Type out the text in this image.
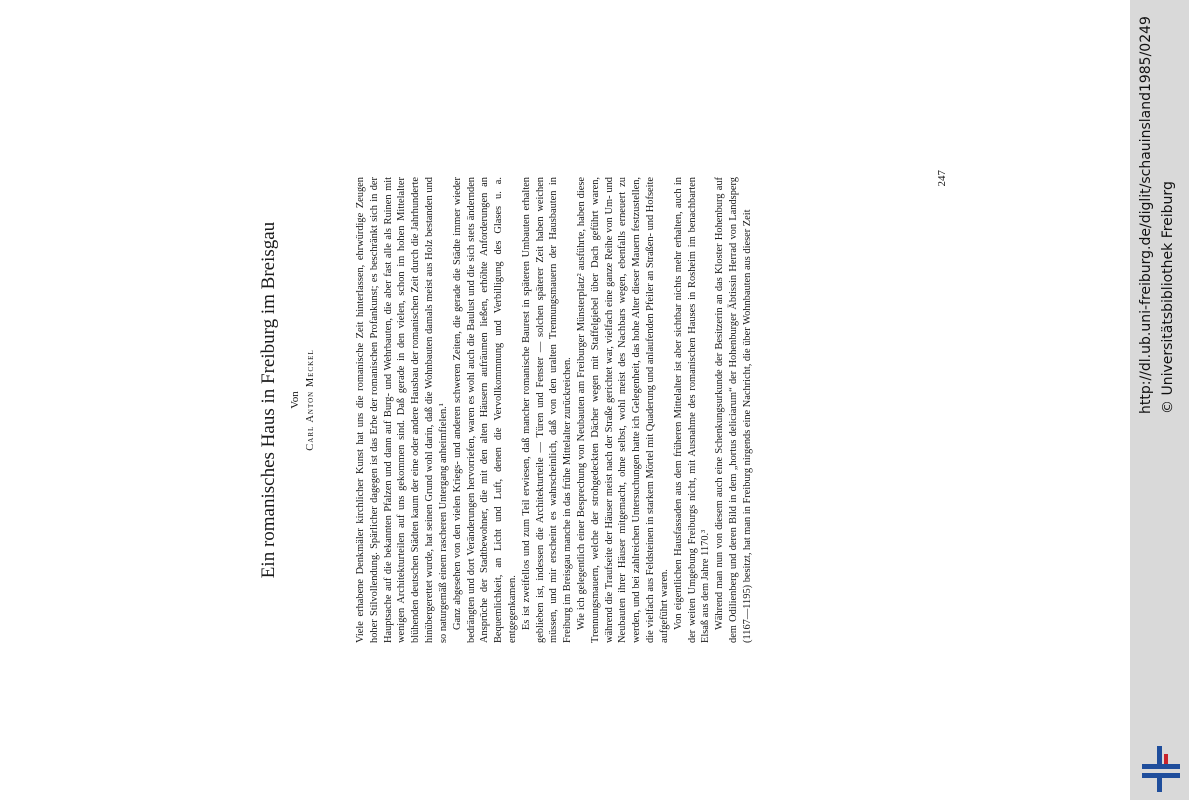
Ein romanisches Haus in Freiburg im Breisgau Von Carl Anton Meckel	Viele erhabene Denkmäler kirchlicher Kunst hat uns die romanische Zeit hinterlassen, ehrwürdige Zeugen hoher Stilvollendung. Spärlicher dagegen ist das Erbe der romanischen Profankunst; es beschränkt sich in der Hauptsache auf die bekannten Pfalzen und dann auf Burg- und Wehrbauten, die aber fast alle als Ruinen mit wenigen Architekturteilen auf uns gekommen sind. Daß gerade in den vielen, schon im hohen Mittelalter blühenden deutschen Städten kaum der eine oder andere Hausbau der romanischen Zeit durch die Jahrhunderte hinübergerettet wurde, hat seinen Grund wohl darin, daß die Wohnbauten damals meist aus Holz bestanden und so naturgemäß einem rascheren Untergang anheimfielen.¹ Ganz abgesehen von den vielen Kriegs- und anderen schweren Zeiten, die gerade die Städte immer wieder bedrängten und dort Veränderungen hervorriefen, waren es wohl auch die Baulust und die sich stets ändernden Ansprüche der Stadtbewohner, die mit den alten Häusern aufräumen ließen, erhöhte Anforderungen an Bequemlichkeit, an Licht und Luft, denen die Vervollkommnung und Verbilligung des Glases u. a. entgegenkamen. Es ist zweifellos und zum Teil erwiesen, daß mancher romanische Baurest in späteren Umbauten erhalten geblieben ist, indessen die Architekturteile — Türen und Fenster — solchen späterer Zeit haben weichen müssen, und mir erscheint es wahrscheinlich, daß von den uralten Trennungsmauern der Hausbauten in Freiburg im Breisgau manche in das frühe Mittelalter zurückreichen. Wie ich gelegentlich einer Besprechung von Neubauten am Freiburger Münsterplatz² ausführte, haben diese Trennungsmauern, welche der strohgedeckten Dächer wegen mit Staffelgiebel über Dach geführt waren, während die Traufseite der Häuser meist nach der Straße gerichtet war, vielfach eine ganze Reihe von Um- und Neubauten ihrer Häuser mitgemacht, ohne selbst, wohl meist des Nachbars wegen, ebenfalls erneuert zu werden, und bei zahlreichen Untersuchungen hatte ich Gelegenheit, das hohe Alter dieser Mauern festzustellen, die vielfach aus Feldsteinen in starkem Mörtel mit Quaderung und anlaufenden Pfeiler an Straßen- und Hofseite aufgeführt waren. Von eigentlichen Hausfassaden aus dem früheren Mittelalter ist aber sichtbar nichts mehr erhalten, auch in der weiten Umgebung Freiburgs nicht, mit Ausnahme des romanischen Hauses in Rosheim im benachbarten Elsaß aus dem Jahre 1170.³ Während man nun von diesem auch eine Schenkungsurkunde der Besitzerin an das Kloster Hohenburg auf dem Odilienberg und deren Bild in dem „hortus deliciarum“ der Hohenburger Äbtissin Herrad von Landsperg (1167—1195) besitzt, hat man in Freiburg nirgends eine Nachricht, die über Wohnbauten aus dieser Zeit

247	http://dl.ub.uni-freiburg.de/diglit/schauinsland1985/0249 © Universitätsbibliothek Freiburg
